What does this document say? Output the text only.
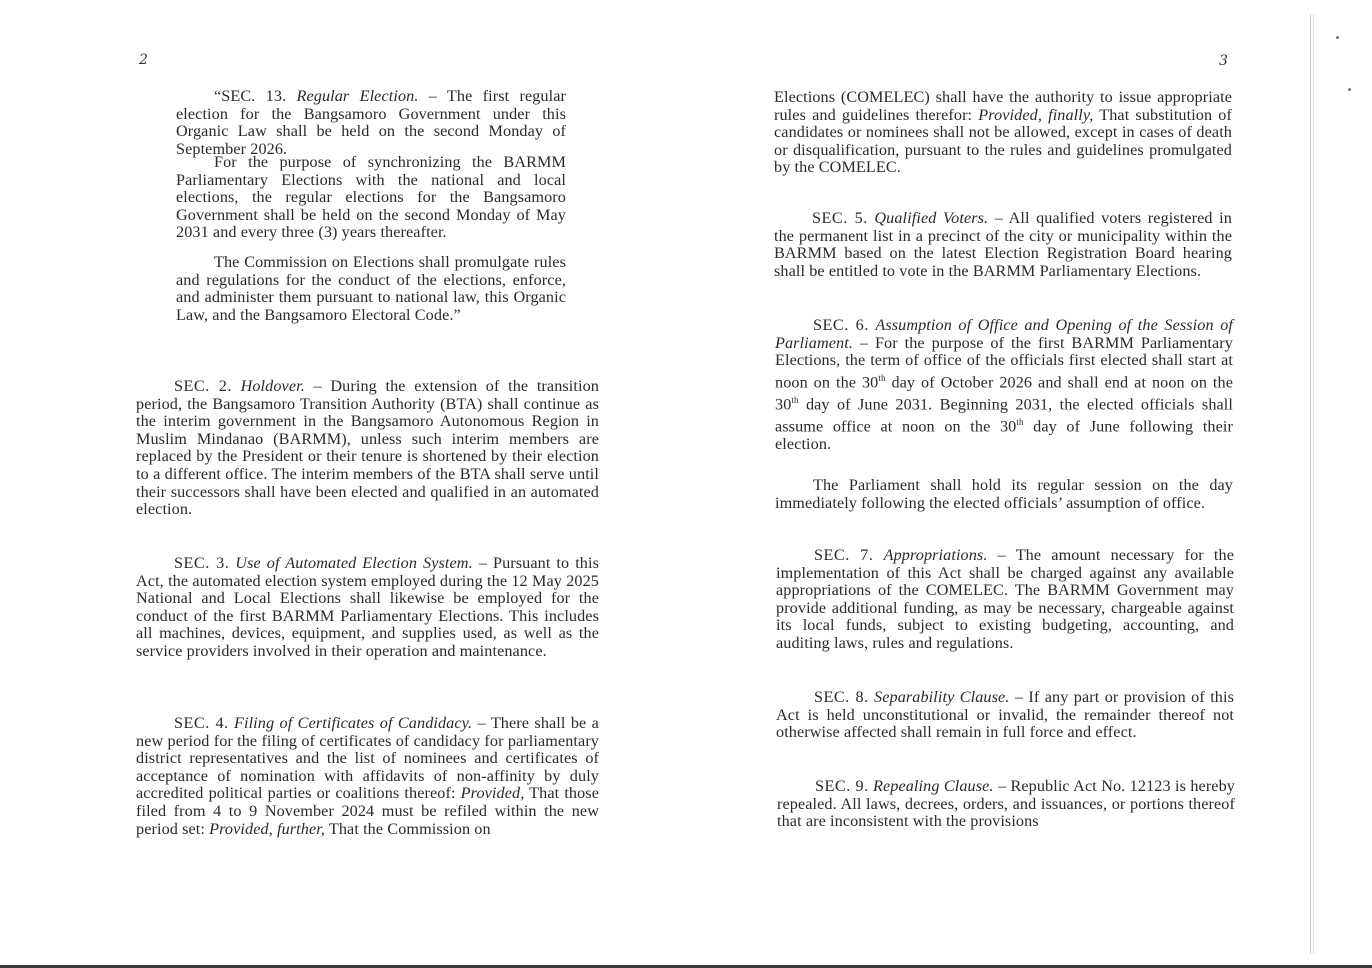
2	3

“SEC. 13. Regular Election. – The first regular election for the Bangsamoro Government under this Organic Law shall be held on the second Monday of September 2026.

For the purpose of synchronizing the BARMM Parliamentary Elections with the national and local elections, the regular elections for the Bangsamoro Government shall be held on the second Monday of May 2031 and every three (3) years thereafter.

The Commission on Elections shall promulgate rules and regulations for the conduct of the elections, enforce, and administer them pursuant to national law, this Organic Law, and the Bangsamoro Electoral Code.”

SEC. 2. Holdover. – During the extension of the transition period, the Bangsamoro Transition Authority (BTA) shall continue as the interim government in the Bangsamoro Autonomous Region in Muslim Mindanao (BARMM), unless such interim members are replaced by the President or their tenure is shortened by their election to a different office. The interim members of the BTA shall serve until their successors shall have been elected and qualified in an automated election.

SEC. 3. Use of Automated Election System. – Pursuant to this Act, the automated election system employed during the 12 May 2025 National and Local Elections shall likewise be employed for the conduct of the first BARMM Parliamentary Elections. This includes all machines, devices, equipment, and supplies used, as well as the service providers involved in their operation and maintenance.

SEC. 4. Filing of Certificates of Candidacy. – There shall be a new period for the filing of certificates of candidacy for parliamentary district representatives and the list of nominees and certificates of acceptance of nomination with affidavits of non-affinity by duly accredited political parties or coalitions thereof: Provided, That those filed from 4 to 9 November 2024 must be refiled within the new period set: Provided, further, That the Commission on

Elections (COMELEC) shall have the authority to issue appropriate rules and guidelines therefor: Provided, finally, That substitution of candidates or nominees shall not be allowed, except in cases of death or disqualification, pursuant to the rules and guidelines promulgated by the COMELEC.

SEC. 5. Qualified Voters. – All qualified voters registered in the permanent list in a precinct of the city or municipality within the BARMM based on the latest Election Registration Board hearing shall be entitled to vote in the BARMM Parliamentary Elections.

SEC. 6. Assumption of Office and Opening of the Session of Parliament. – For the purpose of the first BARMM Parliamentary Elections, the term of office of the officials first elected shall start at noon on the 30th day of October 2026 and shall end at noon on the 30th day of June 2031. Beginning 2031, the elected officials shall assume office at noon on the 30th day of June following their election.

The Parliament shall hold its regular session on the day immediately following the elected officials’ assumption of office.

SEC. 7. Appropriations. – The amount necessary for the implementation of this Act shall be charged against any available appropriations of the COMELEC. The BARMM Government may provide additional funding, as may be necessary, chargeable against its local funds, subject to existing budgeting, accounting, and auditing laws, rules and regulations.

SEC. 8. Separability Clause. – If any part or provision of this Act is held unconstitutional or invalid, the remainder thereof not otherwise affected shall remain in full force and effect.

SEC. 9. Repealing Clause. – Republic Act No. 12123 is hereby repealed. All laws, decrees, orders, and issuances, or portions thereof that are inconsistent with the provisions
